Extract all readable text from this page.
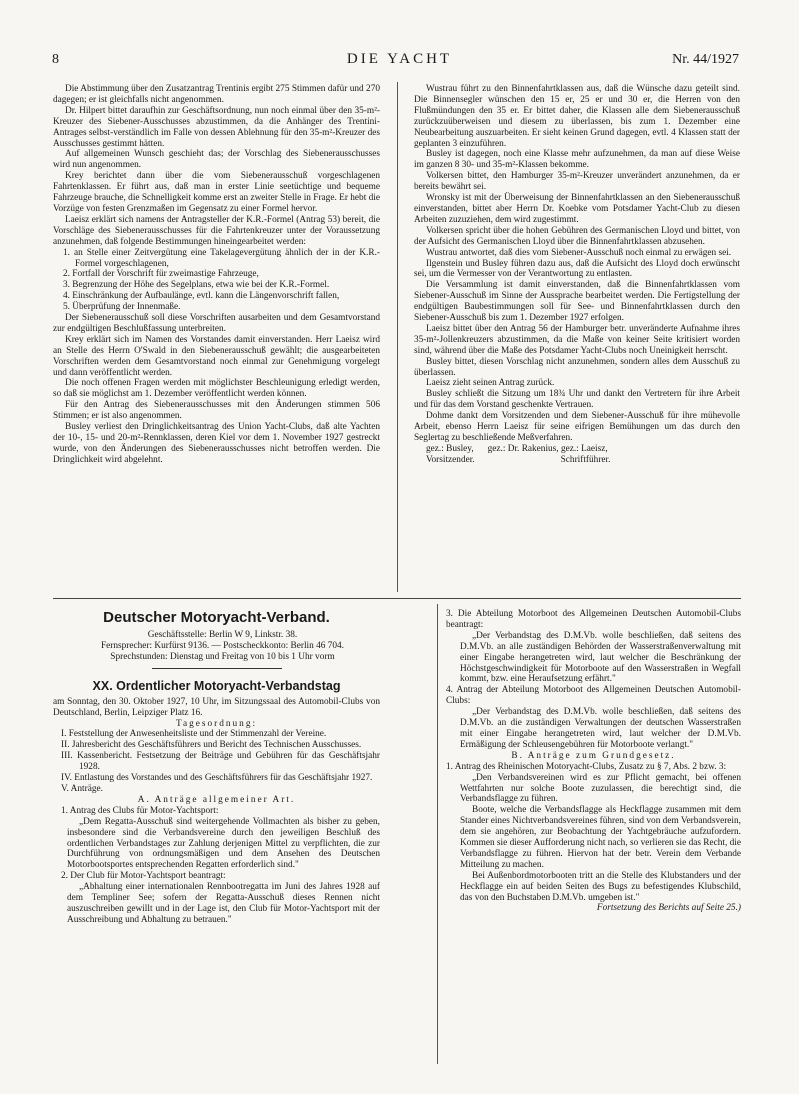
8	DIE YACHT	Nr. 44/1927

Die Abstimmung über den Zusatzantrag Trentinis ergibt 275 Stimmen dafür und 270 dagegen; er ist gleichfalls nicht angenommen.

Dr. Hilpert bittet daraufhin zur Geschäftsordnung, nun noch einmal über den 35-m²-Kreuzer des Siebener-Ausschusses abzustimmen, da die Anhänger des Trentini-Antrages selbst-verständlich im Falle von dessen Ablehnung für den 35-m²-Kreuzer des Ausschusses gestimmt hätten.

Auf allgemeinen Wunsch geschieht das; der Vorschlag des Siebenerausschusses wird nun angenommen.

Krey berichtet dann über die vom Siebenerausschuß vorgeschlagenen Fahrtenklassen. Er führt aus, daß man in erster Linie seetüchtige und bequeme Fahrzeuge brauche, die Schnelligkeit komme erst an zweiter Stelle in Frage. Er hebt die Vorzüge von festen Grenzmaßen im Gegensatz zu einer Formel hervor.

Laeisz erklärt sich namens der Antragsteller der K.R.-Formel (Antrag 53) bereit, die Vorschläge des Siebenerausschusses für die Fahrtenkreuzer unter der Voraussetzung anzunehmen, daß folgende Bestimmungen hineingearbeitet werden:

1. an Stelle einer Zeitvergütung eine Takelagevergütung ähnlich der in der K.R.-Formel vorgeschlagenen,
2. Fortfall der Vorschrift für zweimastige Fahrzeuge,
3. Begrenzung der Höhe des Segelplans, etwa wie bei der K.R.-Formel.
4. Einschränkung der Aufbaulänge, evtl. kann die Längenvorschrift fallen,
5. Überprüfung der Innenmaße.

Der Siebenerausschuß soll diese Vorschriften ausarbeiten und dem Gesamtvorstand zur endgültigen Beschlußfassung unterbreiten.

Krey erklärt sich im Namen des Vorstandes damit einverstanden. Herr Laeisz wird an Stelle des Herrn O'Swald in den Siebenerausschuß gewählt; die ausgearbeiteten Vorschriften werden dem Gesamtvorstand noch einmal zur Genehmigung vorgelegt und dann veröffentlicht werden.

Die noch offenen Fragen werden mit möglichster Beschleunigung erledigt werden, so daß sie möglichst am 1. Dezember veröffentlicht werden können.

Für den Antrag des Siebenerausschusses mit den Änderungen stimmen 506 Stimmen; er ist also angenommen.

Busley verliest den Dringlichkeitsantrag des Union Yacht-Clubs, daß alte Yachten der 10-, 15- und 20-m²-Rennklassen, deren Kiel vor dem 1. November 1927 gestreckt wurde, von den Änderungen des Siebenerausschusses nicht betroffen werden. Die Dringlichkeit wird abgelehnt.

Wustrau führt zu den Binnenfahrtklassen aus, daß die Wünsche dazu geteilt sind. Die Binnensegler wünschen den 15 er, 25 er und 30 er, die Herren von den Flußmündungen den 35 er. Er bittet daher, die Klassen alle dem Siebenerausschuß zurückzuüberweisen und diesem zu überlassen, bis zum 1. Dezember eine Neubearbeitung auszuarbeiten. Er sieht keinen Grund dagegen, evtl. 4 Klassen statt der geplanten 3 einzuführen.

Busley ist dagegen, noch eine Klasse mehr aufzunehmen, da man auf diese Weise im ganzen 8 30- und 35-m²-Klassen bekomme.

Volkersen bittet, den Hamburger 35-m²-Kreuzer unverändert anzunehmen, da er bereits bewährt sei.

Wronsky ist mit der Überweisung der Binnenfahrtklassen an den Siebenerausschuß einverstanden, bittet aber Herrn Dr. Koebke vom Potsdamer Yacht-Club zu diesen Arbeiten zuzuziehen, dem wird zugestimmt.

Volkersen spricht über die hohen Gebühren des Germanischen Lloyd und bittet, von der Aufsicht des Germanischen Lloyd über die Binnenfahrtklassen abzusehen.

Wustrau antwortet, daß dies vom Siebener-Ausschuß noch einmal zu erwägen sei.

Ilgenstein und Busley führen dazu aus, daß die Aufsicht des Lloyd doch erwünscht sei, um die Vermesser von der Verantwortung zu entlasten.

Die Versammlung ist damit einverstanden, daß die Binnenfahrtklassen vom Siebener-Ausschuß im Sinne der Aussprache bearbeitet werden. Die Fertigstellung der endgültigen Baubestimmungen soll für See- und Binnenfahrtklassen durch den Siebener-Ausschuß bis zum 1. Dezember 1927 erfolgen.

Laeisz bittet über den Antrag 56 der Hamburger betr. unveränderte Aufnahme ihres 35-m²-Jollenkreuzers abzustimmen, da die Maße von keiner Seite kritisiert worden sind, während über die Maße des Potsdamer Yacht-Clubs noch Uneinigkeit herrscht.

Busley bittet, diesen Vorschlag nicht anzunehmen, sondern alles dem Ausschuß zu überlassen.

Laeisz zieht seinen Antrag zurück.

Busley schließt die Sitzung um 18¾ Uhr und dankt den Vertretern für ihre Arbeit und für das dem Vorstand geschenkte Vertrauen.

Dohme dankt dem Vorsitzenden und dem Siebener-Ausschuß für ihre mühevolle Arbeit, ebenso Herrn Laeisz für seine eifrigen Bemühungen um das durch den Seglertag zu beschließende Meßverfahren.

gez.: Busley,      gez.: Dr. Rakenius, gez.: Laeisz,

Vorsitzender.                                     Schriftführer.

Deutscher Motoryacht-Verband.

Geschäftsstelle: Berlin W 9, Linkstr. 38.

Fernsprecher: Kurfürst 9136. — Postscheckkonto: Berlin 46 704.

Sprechstunden: Dienstag und Freitag von 10 bis 1 Uhr vorm

XX. Ordentlicher Motoryacht-Verbandstag

am Sonntag, den 30. Oktober 1927, 10 Uhr, im Sitzungssaal des Automobil-Clubs von Deutschland, Berlin, Leipziger Platz 16.

Tagesordnung:

I. Feststellung der Anwesenheitsliste und der Stimmenzahl der Vereine.
II. Jahresbericht des Geschäftsführers und Bericht des Technischen Ausschusses.
III. Kassenbericht. Festsetzung der Beiträge und Gebühren für das Geschäftsjahr 1928.
IV. Entlastung des Vorstandes und des Geschäftsführers für das Geschäftsjahr 1927.
V. Anträge.

A. Anträge allgemeiner Art.

1. Antrag des Clubs für Motor-Yachtsport:

„Dem Regatta-Ausschuß sind weitergehende Vollmachten als bisher zu geben, insbesondere sind die Verbandsvereine durch den jeweiligen Beschluß des ordentlichen Verbandstages zur Zahlung derjenigen Mittel zu verpflichten, die zur Durchführung von ordnungsmäßigen und dem Ansehen des Deutschen Motorbootsportes entsprechenden Regatten erforderlich sind."

2. Der Club für Motor-Yachtsport beantragt:

„Abhaltung einer internationalen Rennbootregatta im Juni des Jahres 1928 auf dem Templiner See; sofern der Regatta-Ausschuß dieses Rennen nicht auszuschreiben gewillt und in der Lage ist, den Club für Motor-Yachtsport mit der Ausschreibung und Abhaltung zu betrauen."

3. Die Abteilung Motorboot des Allgemeinen Deutschen Automobil-Clubs beantragt:

„Der Verbandstag des D.M.Vb. wolle beschließen, daß seitens des D.M.Vb. an alle zuständigen Behörden der Wasserstraßenverwaltung mit einer Eingabe herangetreten wird, laut welcher die Beschränkung der Höchstgeschwindigkeit für Motorboote auf den Wasserstraßen in Wegfall kommt, bzw. eine Heraufsetzung erfährt."

4. Antrag der Abteilung Motorboot des Allgemeinen Deutschen Automobil-Clubs:

„Der Verbandstag des D.M.Vb. wolle beschließen, daß seitens des D.M.Vb. an die zuständigen Verwaltungen der deutschen Wasserstraßen mit einer Eingabe herangetreten wird, laut welcher der D.M.Vb. Ermäßigung der Schleusengebühren für Motorboote verlangt."

B. Anträge zum Grundgesetz.

1. Antrag des Rheinischen Motoryacht-Clubs, Zusatz zu § 7, Abs. 2 bzw. 3:

„Den Verbandsvereinen wird es zur Pflicht gemacht, bei offenen Wettfahrten nur solche Boote zuzulassen, die berechtigt sind, die Verbandsflagge zu führen.

Boote, welche die Verbandsflagge als Heckflagge zusammen mit dem Stander eines Nichtverbandsvereines führen, sind von dem Verbandsverein, dem sie angehören, zur Beobachtung der Yachtgebräuche aufzufordern. Kommen sie dieser Aufforderung nicht nach, so verlieren sie das Recht, die Verbandsflagge zu führen. Hiervon hat der betr. Verein dem Verbande Mitteilung zu machen.

Bei Außenbordmotorbooten tritt an die Stelle des Klubstanders und der Heckflagge ein auf beiden Seiten des Bugs zu befestigendes Klubschild, das von den Buchstaben D.M.Vb. umgeben ist."

Fortsetzung des Berichts auf Seite 25.)
